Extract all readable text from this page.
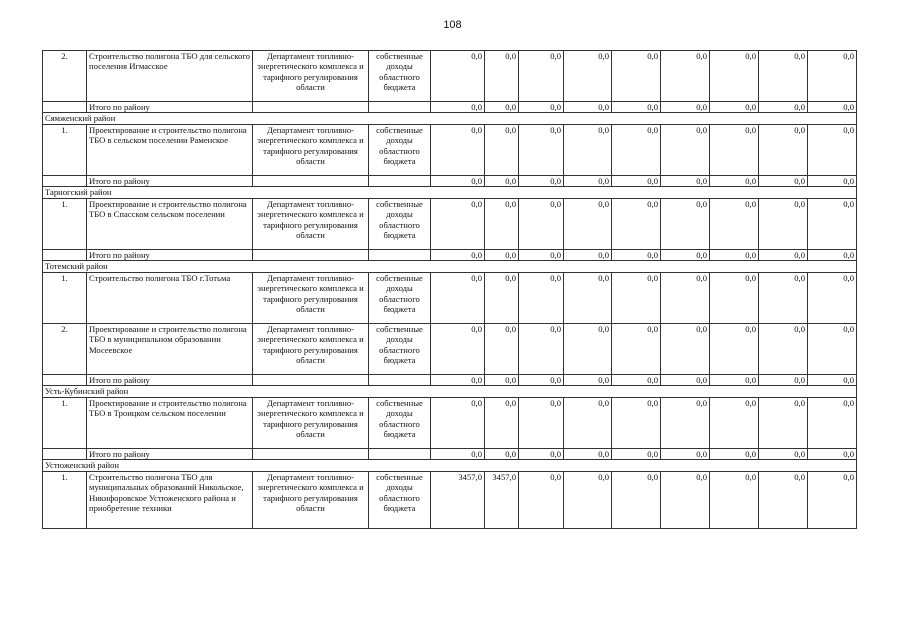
108
2.	Строительство полигона ТБО для сельского поселения Игмасское	Департамент топливно-энергетического комплекса и тарифного регулирования области	собственные доходы областного бюджета	0,0	0,0	0,0	0,0	0,0	0,0	0,0	0,0	0,0
	Итого по району			0,0	0,0	0,0	0,0	0,0	0,0	0,0	0,0	0,0
Сямженский район												
1.	Проектирование и строительство полигона ТБО в сельском поселении Раменское	Департамент топливно-энергетического комплекса и тарифного регулирования области	собственные доходы областного бюджета	0,0	0,0	0,0	0,0	0,0	0,0	0,0	0,0	0,0
	Итого по району			0,0	0,0	0,0	0,0	0,0	0,0	0,0	0,0	0,0
Тарногский район												
1.	Проектирование и строительство полигона ТБО в Спасском сельском поселении	Департамент топливно-энергетического комплекса и тарифного регулирования области	собственные доходы областного бюджета	0,0	0,0	0,0	0,0	0,0	0,0	0,0	0,0	0,0
	Итого по району			0,0	0,0	0,0	0,0	0,0	0,0	0,0	0,0	0,0
Тотемский район												
1.	Строительство полигона ТБО г.Тотьма	Департамент топливно-энергетического комплекса и тарифного регулирования области	собственные доходы областного бюджета	0,0	0,0	0,0	0,0	0,0	0,0	0,0	0,0	0,0
2.	Проектирование и строительство полигона ТБО в муниципальном образовании Мосеевское	Департамент топливно-энергетического комплекса и тарифного регулирования области	собственные доходы областного бюджета	0,0	0,0	0,0	0,0	0,0	0,0	0,0	0,0	0,0
	Итого по району			0,0	0,0	0,0	0,0	0,0	0,0	0,0	0,0	0,0
Усть-Кубинский район												
1.	Проектирование и строительство полигона ТБО в Троицком сельском поселении	Департамент топливно-энергетического комплекса и тарифного регулирования области	собственные доходы областного бюджета	0,0	0,0	0,0	0,0	0,0	0,0	0,0	0,0	0,0
	Итого по району			0,0	0,0	0,0	0,0	0,0	0,0	0,0	0,0	0,0
Устюженский район												
1.	Строительство полигона ТБО для муниципальных образований Никольское, Никифоровское Устюженского района и приобретение техники	Департамент топливно-энергетического комплекса и тарифного регулирования области	собственные доходы областного бюджета	3457,0	3457,0	0,0	0,0	0,0	0,0	0,0	0,0	0,0
